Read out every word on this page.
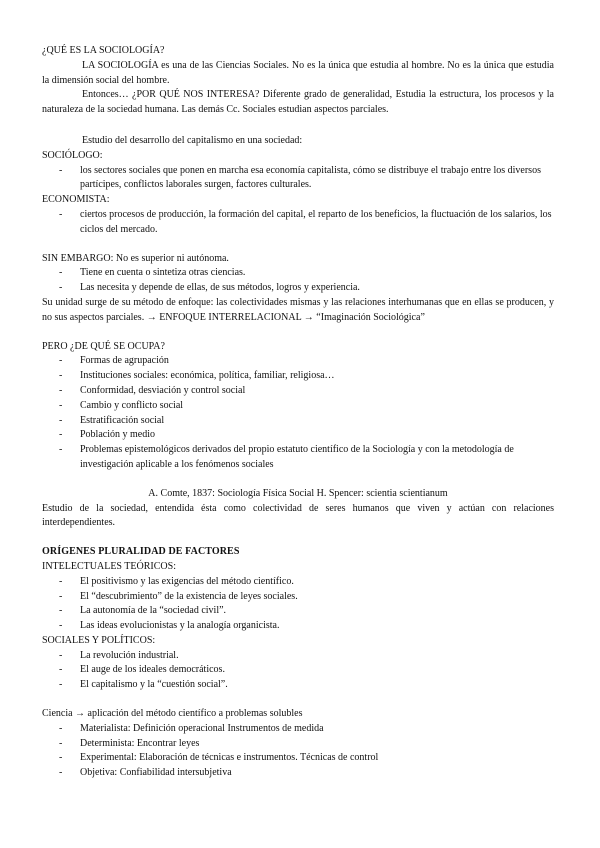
¿QUÉ ES LA SOCIOLOGÍA?

LA SOCIOLOGÍA es una de las Ciencias Sociales. No es la única que estudia al hombre. No es la única que estudia la dimensión social del hombre.

Entonces… ¿POR QUÉ NOS INTERESA? Diferente grado de generalidad, Estudia la estructura, los procesos y la naturaleza de la sociedad humana. Las demás Cc. Sociales estudian aspectos parciales.

Estudio del desarrollo del capitalismo en una sociedad:

SOCIÓLOGO:

- los sectores sociales que ponen en marcha esa economía capitalista, cómo se distribuye el trabajo entre los diversos partícipes, conflictos laborales surgen, factores culturales.

ECONOMISTA:

- ciertos procesos de producción, la formación del capital, el reparto de los beneficios, la fluctuación de los salarios, los ciclos del mercado.

SIN EMBARGO: No es superior ni autónoma.

- Tiene en cuenta o sintetiza otras ciencias.
- Las necesita y depende de ellas, de sus métodos, logros y experiencia.

Su unidad surge de su método de enfoque: las colectividades mismas y las relaciones interhumanas que en ellas se producen, y no sus aspectos parciales. → ENFOQUE INTERRELACIONAL → “Imaginación Sociológica”

PERO ¿DE QUÉ SE OCUPA?

- Formas de agrupación
- Instituciones sociales: económica, política, familiar, religiosa…
- Conformidad, desviación y control social
- Cambio y conflicto social
- Estratificación social
- Población y medio
- Problemas epistemológicos derivados del propio estatuto científico de la Sociología y con la metodología de investigación aplicable a los fenómenos sociales

A. Comte, 1837: Sociología Física Social H. Spencer: scientia scientianum

Estudio de la sociedad, entendida ésta como colectividad de seres humanos que viven y actúan con relaciones interdependientes.

ORÍGENES PLURALIDAD DE FACTORES

INTELECTUALES TEÓRICOS:

- El positivismo y las exigencias del método científico.
- El “descubrimiento” de la existencia de leyes sociales.
- La autonomía de la “sociedad civil”.
- Las ideas evolucionistas y la analogía organicista.

SOCIALES Y POLÍTICOS:

- La revolución industrial.
- El auge de los ideales democráticos.
- El capitalismo y la “cuestión social”.

Ciencia → aplicación del método científico a problemas solubles

- Materialista: Definición operacional Instrumentos de medida
- Determinista: Encontrar leyes
- Experimental: Elaboración de técnicas e instrumentos. Técnicas de control
- Objetiva: Confiabilidad intersubjetiva
